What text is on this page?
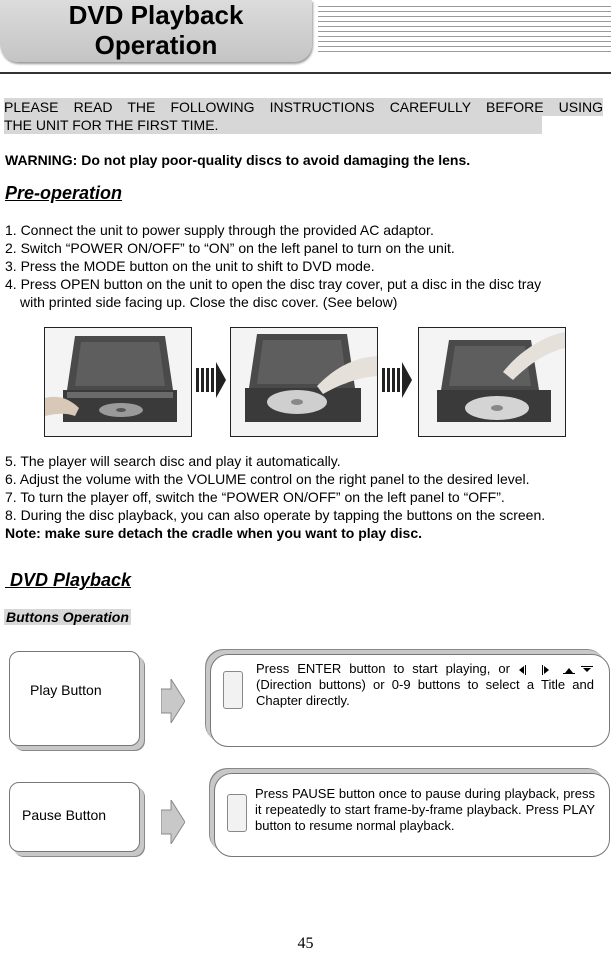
DVD Playback
Operation
PLEASE READ THE FOLLOWING INSTRUCTIONS CAREFULLY BEFORE USING
THE UNIT FOR THE FIRST TIME.
WARNING: Do not play poor-quality discs to avoid damaging the lens.
Pre-operation
1. Connect the unit to power supply through the provided AC adaptor.
2. Switch “POWER ON/OFF” to “ON” on the left panel to turn on the unit.
3. Press the MODE button on the unit to shift to DVD mode.
4. Press OPEN button on the unit to open the disc tray cover, put a disc in the disc tray
with printed side facing up. Close the disc cover. (See below)
5. The player will search disc and play it automatically.
6. Adjust the volume with the VOLUME control on the right panel to the desired level.
7. To turn the player off, switch the “POWER ON/OFF” on the left panel to “OFF”.
8. During the disc playback, you can also operate by tapping the buttons on the screen.
Note: make sure detach the cradle when you want to play disc.
DVD Playback
Buttons Operation
Play Button
Press ENTER button to start playing, or  (Direction buttons) or 0-9 buttons to select a Title and Chapter directly.
Pause Button
Press PAUSE button once to pause during playback, press it repeatedly to start frame-by-frame playback. Press PLAY button to resume normal playback.
45
